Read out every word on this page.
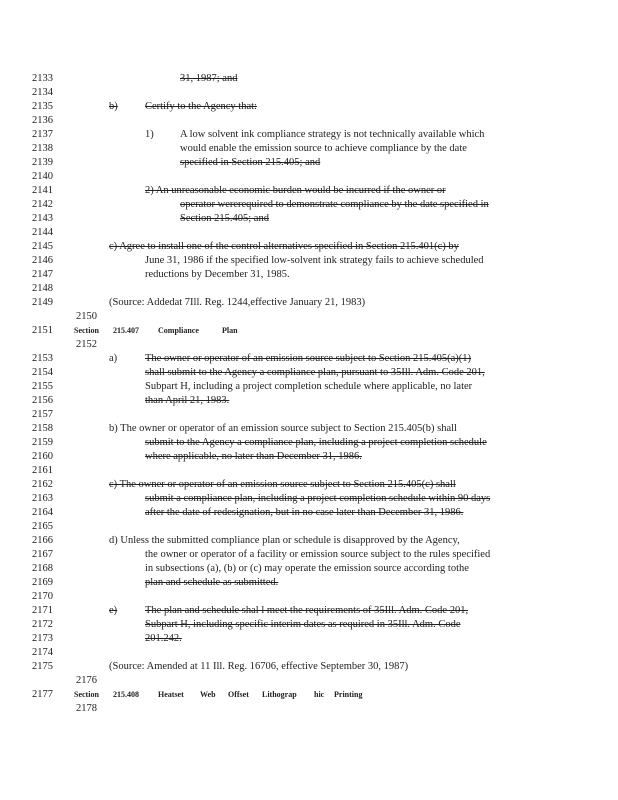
2133
2134
2135
2136
2137
2138
2139
2140
2141
2142
2143
2144
2145
2146
2147
2148
2149
2151
2153
2154
2155
2156
2157
2158
2159
2160
2161
2162
2163
2164
2165
2166
2167
2168
2169
2170
2171
2172
2173
2174
2175
2177
2150
2152
2176
2178
31, 1987; and
b)	Certify to the Agency that:
1)	A low solvent ink compliance strategy is not technically available which
would enable the emission source to achieve compliance by the date
specified in Section 215.405; and
2) An unreasonable economic burden would be incurred if the owner or
operator wererequired to demonstrate compliance by the date specified in
Section 215.405; and
c) Agree to install one of the control alternatives specified in Section 215.401(c) by
June 31, 1986 if the specified low-solvent ink strategy fails to achieve scheduled
reductions by December 31, 1985.
(Source: Addedat 7Ill. Reg. 1244,effective January 21, 1983)
Section 215.407 Compliance	Plan
a)	The owner or operator of an emission source subject to Section 215.405(a)(1)
shall submit to the Agency a compliance plan, pursuant to 35Ill. Adm. Code 201,
Subpart H, including a project completion schedule where applicable, no later
than April 21, 1983.
b) The owner or operator of an emission source subject to Section 215.405(b) shall
submit to the Agency a compliance plan, including a project completion schedule
where applicable, no later than December 31, 1986.
c) The owner or operator of an emission source subject to Section 215.405(c) shall
submit a compliance plan, including a project completion schedule within 90 days
after the date of redesignation, but in no case later than December 31, 1986.
d) Unless the submitted compliance plan or schedule is disapproved by the Agency,
the owner or operator of a facility or emission source subject to the rules specified
in subsections (a), (b) or (c) may operate the emission source according tothe
plan and schedule as submitted.
e)	The plan and schedule shal l meet the requirements of 35Ill. Adm. Code 201,
Subpart H, including specific interim dates as required in 35Ill. Adm. Code
201.242.
(Source: Amended at 11 Ill. Reg. 16706, effective September 30, 1987)
Section 215.408 Heatset Web Offset Lithograp hic Printing
